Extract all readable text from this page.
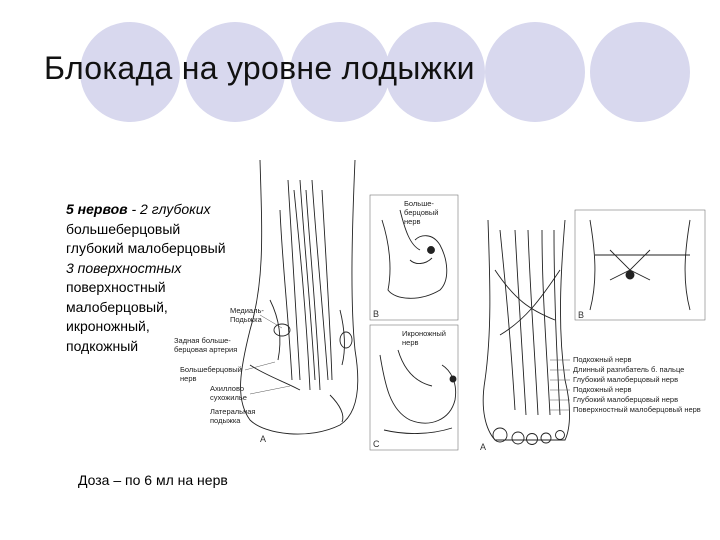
Блокада на уровне лодыжки
Медиаль-
Подыжка
Задная больше-
берцовая артерия
Большеберцовый
нерв
Ахиллово
сухожилье
Латеральная
подыжка
A
Больше-
берцовый
нерв
B
Икроножный
нерв
C	A
B
Подкожный нерв
Длинный разгибатель б. пальце
Глубокий малоберцовый нерв
Подкожный нерв
Глубокий малоберцовый нерв
Поверхностный малоберцовый нерв
5 нервов - 2 глубоких
большеберцовый
глубокий малоберцовый
3 поверхностных
поверхностный
малоберцовый,
икроножный,
подкожный
Доза – по 6 мл на нерв
